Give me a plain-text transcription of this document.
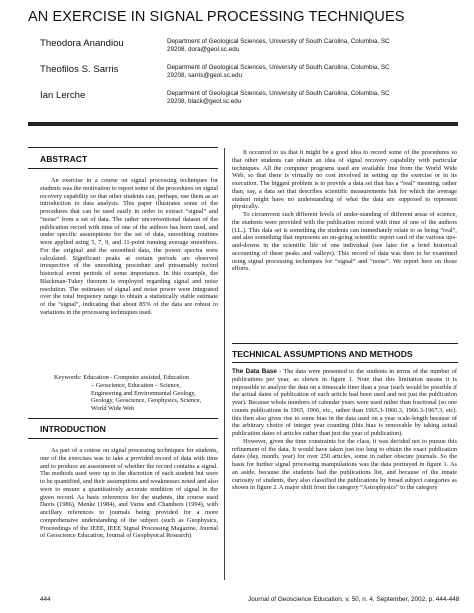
AN EXERCISE IN SIGNAL PROCESSING TECHNIQUES
Theodora Anandiou	Department of Geological Sciences, University of South Carolina, Columbia, SC
29208, dora@geol.sc.edu
Theofilos S. Sarris	Department of Geological Sciences, University of South Carolina, Columbia, SC
29208, sarris@geol.sc.edu
Ian Lerche	Department of Geological Sciences, University of South Carolina, Columbia, SC
29208, black@geol.sc.edu
ABSTRACT

An exercise in a course on signal processing techniques for students was the motivation to report some of the procedures on signal recovery capability so that other students can, perhaps, use them as an introduction to data analysis. This paper illustrates some of the procedures that can be used easily in order to extract “signal” and “noise” from a set of data. The rather unconventional dataset of the publication record with time of one of the authors has been used, and under specific assumptions for the set of data, smoothing routines were applied using 5, 7, 9, and 11-point running average smoothers. For the original and the smoothed data, the power spectra were calculated. Significant peaks at certain periods are observed irrespective of the smoothing procedure and presumably record historical event periods of some importance. In this example, the Blackman-Tukey theorem is employed regarding signal and noise resolution. The estimates of signal and noise power were integrated over the total frequency range to obtain a statistically stable estimate of the “signal”, indicating that about 85% of the data are robust to variations in the processing techniques used.

Keywords: Education - Computer assisted, Education
– Geoscience, Education – Science,
Engineering and Environmental Geology,
Geology, Geoscience, Geophysics, Science,
World Wide Web
INTRODUCTION

As part of a course on signal processing techniques for students, one of the exercises was to take a provided record of data with time and to produce an assessment of whether the record contains a signal. The methods used were up to the discretion of each student but were to be quantified, and their assumptions and weaknesses noted and also were to ensure a quantitatively accurate rendition of signal in the given record. As basic references for the students, the course used Davis (1986), Menke (1984), and Varus and Chambers (1994), with ancillary references to journals being provided for a more comprehensive understanding of the subject (such as Geophysics, Proceedings of the IEEE, IEEE Signal Processing Magazine, Journal of Geoscience Education, Journal of Geophysical Research)

It occurred to us that it might be a good idea to record some of the procedures so that other students can obtain an idea of signal recovery capability with particular techniques. All the computer programs used are available free from the World Wide Web, so that there is virtually no cost involved in setting up the exercise or in its execution. The biggest problem is to provide a data set that has a “real” meaning, rather than, say, a data set that describes scientific measurements but for which the average student might have no understanding of what the data are supposed to represent physically.

To circumvent such different levels of under-standing of different areas of science, the students were provided with the publication record with time of one of the authors (I.L.). This data set is something the students can immediately relate to as being “real”, and also something that represents an on-going scientific report card of the various ups-and-downs in the scientific life of one individual (see later for a brief historical accounting of these peaks and valleys). This record of data was then to be examined using signal processing techniques for “signal” and “noise”. We report here on those efforts.

TECHNICAL ASSUMPTIONS AND METHODS

The Data Base - The data were presented to the students in terms of the number of publications per year, as shown in figure 1. Note that this limitation means it is impossible to analyze the data on a timescale finer than a year (such would be possible if the actual dates of publication of each article had been used and not just the publication year). Because whole numbers of calendar years were used rather than fractional (so one counts publications in 1965, 1966, etc., rather than 1965.3-1966.3, 1966.3-1967.3, etc). this then also gives rise to some bias in the data used on a year scale-length because of the arbitrary choice of integer year counting (this bias is removable by taking actual publication dates of articles rather than just the year of publication).

However, given the time constraints for the class, it was decided not to pursue this refinement of the data. It would have taken just too long to obtain the exact publication dates (day, month, year) for over 250 articles, some in rather obscure journals. So the basis for further signal processing manipulations was the data portrayed in figure 1. As an aside, because the students had the publications list, and because of the innate curiosity of students, they also classified the publications by broad subject categories as shown in figure 2. A major shift from the category “Astrophysics” to the category

444	Journal of Geoscience Education, v. 50, n. 4, September, 2002, p. 444-448
